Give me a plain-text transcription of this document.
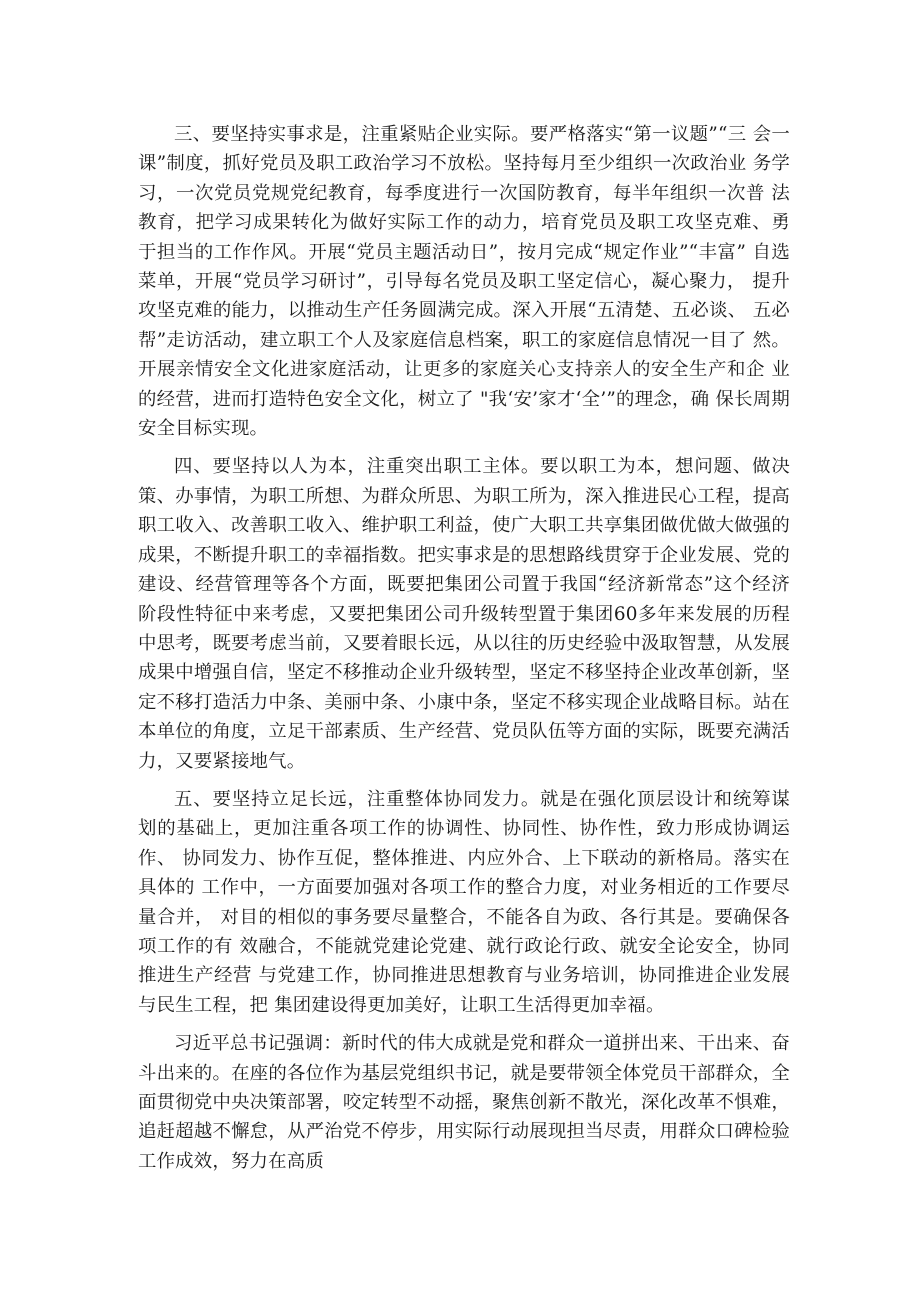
三、要坚持实事求是，注重紧贴企业实际。要严格落实“第一议题”“三 会一课”制度，抓好党员及职工政治学习不放松。坚持每月至少组织一次政治业 务学习，一次党员党规党纪教育，每季度进行一次国防教育，每半年组织一次普 法教育，把学习成果转化为做好实际工作的动力，培育党员及职工攻坚克难、勇 于担当的工作作风。开展“党员主题活动日”，按月完成“规定作业”“丰富” 自选菜单，开展“党员学习研讨”，引导每名党员及职工坚定信心，凝心聚力， 提升攻坚克难的能力，以推动生产任务圆满完成。深入开展“五清楚、五必谈、 五必帮”走访活动，建立职工个人及家庭信息档案，职工的家庭信息情况一目了 然。开展亲情安全文化进家庭活动，让更多的家庭关心支持亲人的安全生产和企 业的经营，进而打造特色安全文化，树立了 "我‘安’家才‘全’”的理念，确 保长周期安全目标实现。

四、要坚持以人为本，注重突出职工主体。要以职工为本，想问题、做决 策、办事情，为职工所想、为群众所思、为职工所为，深入推进民心工程，提高 职工收入、改善职工收入、维护职工利益，使广大职工共享集团做优做大做强的 成果，不断提升职工的幸福指数。把实事求是的思想路线贯穿于企业发展、党的 建设、经营管理等各个方面，既要把集团公司置于我国“经济新常态”这个经济 阶段性特征中来考虑，又要把集团公司升级转型置于集团60多年来发展的历程 中思考，既要考虑当前，又要着眼长远，从以往的历史经验中汲取智慧，从发展 成果中增强自信，坚定不移推动企业升级转型，坚定不移坚持企业改革创新，坚 定不移打造活力中条、美丽中条、小康中条，坚定不移实现企业战略目标。站在 本单位的角度，立足干部素质、生产经营、党员队伍等方面的实际，既要充满活 力，又要紧接地气。

五、要坚持立足长远，注重整体协同发力。就是在强化顶层设计和统筹谋 划的基础上，更加注重各项工作的协调性、协同性、协作性，致力形成协调运作、 协同发力、协作互促，整体推进、内应外合、上下联动的新格局。落实在具体的 工作中，一方面要加强对各项工作的整合力度，对业务相近的工作要尽量合并， 对目的相似的事务要尽量整合，不能各自为政、各行其是。要确保各项工作的有 效融合，不能就党建论党建、就行政论行政、就安全论安全，协同推进生产经营 与党建工作，协同推进思想教育与业务培训，协同推进企业发展与民生工程，把 集团建设得更加美好，让职工生活得更加幸福。

习近平总书记强调：新时代的伟大成就是党和群众一道拼出来、干出来、奋 斗出来的。在座的各位作为基层党组织书记，就是要带领全体党员干部群众，全 面贯彻党中央决策部署，咬定转型不动摇，聚焦创新不散光，深化改革不惧难， 追赶超越不懈怠，从严治党不停步，用实际行动展现担当尽责，用群众口碑检验 工作成效，努力在高质
